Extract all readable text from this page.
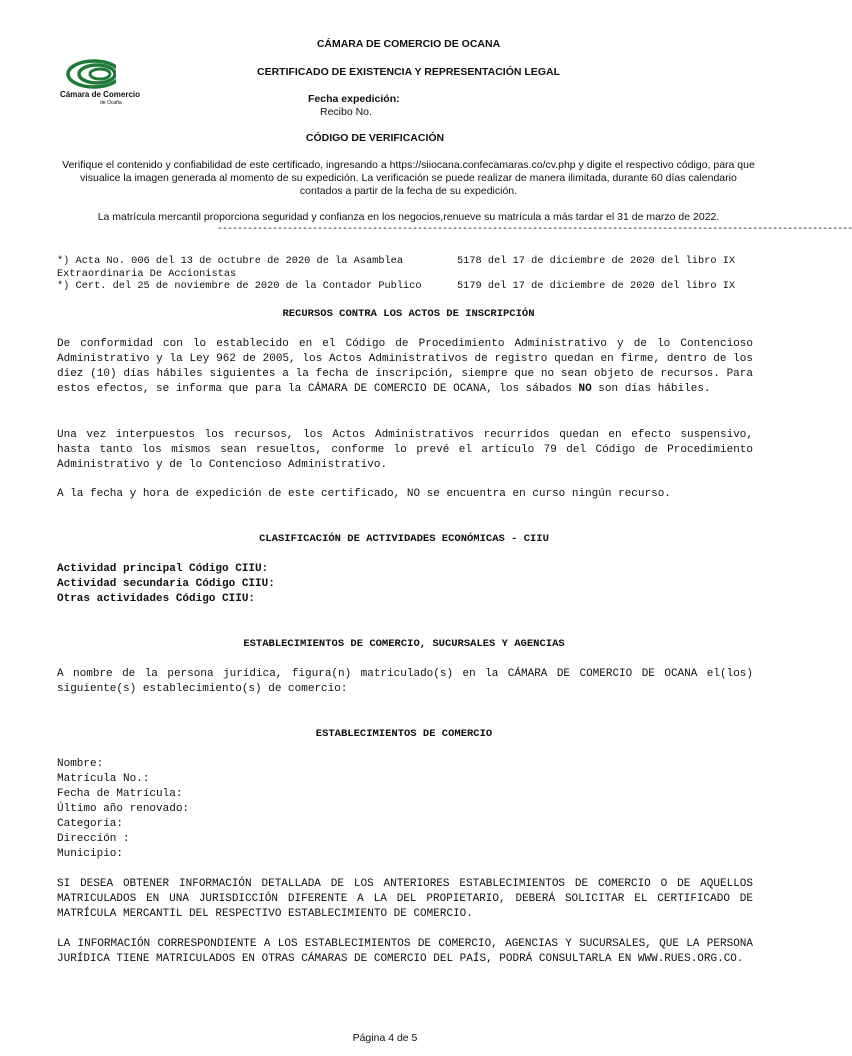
CÁMARA DE COMERCIO DE OCANA
Cámara de Comercio
de Ocaña
CERTIFICADO DE EXISTENCIA Y REPRESENTACIÓN LEGAL
Fecha expedición:
Recibo No.
CÓDIGO DE VERIFICACIÓN
Verifique el contenido y confiabilidad de este certificado, ingresando a https://siiocana.confecamaras.co/cv.php y digite el respectivo código, para que visualice la imagen generada al momento de su expedición. La verificación se puede realizar de manera ilimitada, durante 60 días calendario contados a partir de la fecha de su expedición.
La matrícula mercantil proporciona seguridad y confianza en los negocios,renueve su matrícula a más tardar el 31 de marzo de 2022.
-------------------------------------------------------------------------------------------------------------------------------
*) Acta No. 006 del 13 de octubre de 2020 de la Asamblea	5178 del 17 de diciembre de 2020 del libro IX
Extraordinaria De Accionistas
*) Cert. del 25 de noviembre de 2020 de la Contador Publico	5179 del 17 de diciembre de 2020 del libro IX
RECURSOS CONTRA LOS ACTOS DE INSCRIPCIÓN
De conformidad con lo establecido en el Código de Procedimiento Administrativo y de lo Contencioso Administrativo y la Ley 962 de 2005, los Actos Administrativos de registro quedan en firme, dentro de los diez (10) días hábiles siguientes a la fecha de inscripción, siempre que no sean objeto de recursos. Para estos efectos, se informa que para la CÁMARA DE COMERCIO DE OCANA, los sábados NO son días hábiles.
Una vez interpuestos los recursos, los Actos Administrativos recurridos quedan en efecto suspensivo, hasta tanto los mismos sean resueltos, conforme lo prevé el artículo 79 del Código de Procedimiento Administrativo y de lo Contencioso Administrativo.
A la fecha y hora de expedición de este certificado, NO se encuentra en curso ningún recurso.
CLASIFICACIÓN DE ACTIVIDADES ECONÓMICAS - CIIU
Actividad principal Código CIIU:
Actividad secundaria Código CIIU:
Otras actividades Código CIIU:
ESTABLECIMIENTOS DE COMERCIO, SUCURSALES Y AGENCIAS
A nombre de la persona jurídica, figura(n) matriculado(s) en la CÁMARA DE COMERCIO DE OCANA el(los) siguiente(s) establecimiento(s) de comercio:
ESTABLECIMIENTOS DE COMERCIO
Nombre:
Matrícula No.:
Fecha de Matrícula:
Último año renovado:
Categoría:
Dirección :
Municipio:
SI DESEA OBTENER INFORMACIÓN DETALLADA DE LOS ANTERIORES ESTABLECIMIENTOS DE COMERCIO O DE AQUELLOS MATRICULADOS EN UNA JURISDICCIÓN DIFERENTE A LA DEL PROPIETARIO, DEBERÁ SOLICITAR EL CERTIFICADO DE MATRÍCULA MERCANTIL DEL RESPECTIVO ESTABLECIMIENTO DE COMERCIO.
LA INFORMACIÓN CORRESPONDIENTE A LOS ESTABLECIMIENTOS DE COMERCIO, AGENCIAS Y SUCURSALES, QUE LA PERSONA JURÍDICA TIENE MATRICULADOS EN OTRAS CÁMARAS DE COMERCIO DEL PAÍS, PODRÁ CONSULTARLA EN WWW.RUES.ORG.CO.
Página 4 de 5
